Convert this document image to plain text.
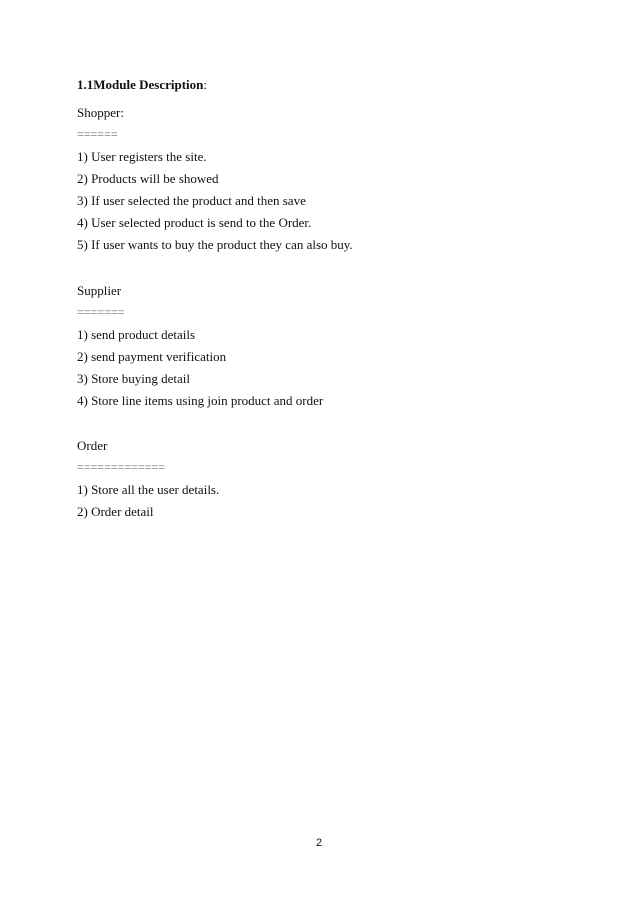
1.1Module Description:
Shopper:
======
1) User registers the site.
2) Products will be showed
3) If user selected the product and then save
4) User selected product is send to the Order.
5) If user wants to buy the product they can also buy.
Supplier
=======
1) send product details
2) send payment verification
3) Store buying detail
4) Store line items using join product and order
Order
=============
1) Store all the user details.
2) Order detail
2
